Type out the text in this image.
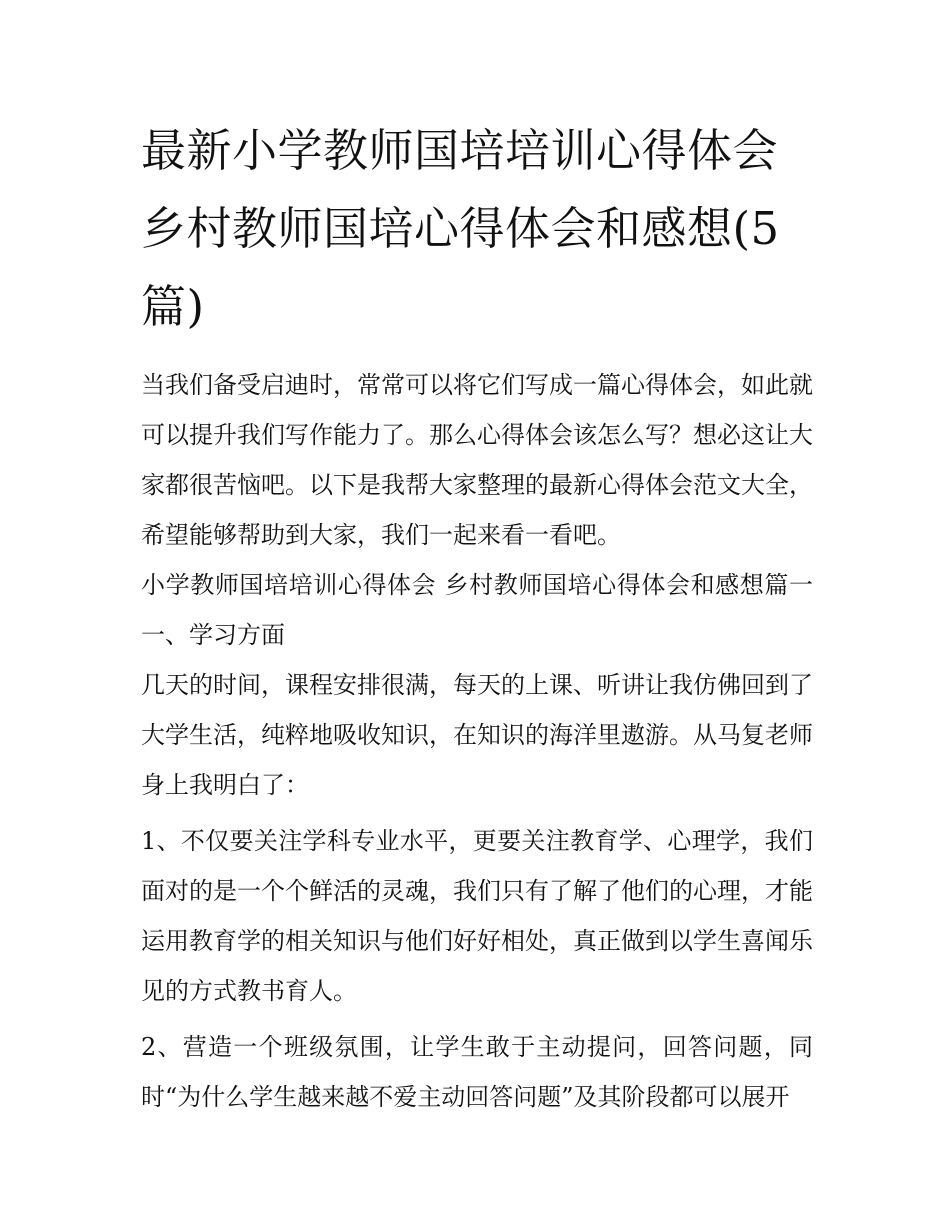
最新小学教师国培培训心得体会 乡村教师国培心得体会和感想(5篇)

当我们备受启迪时，常常可以将它们写成一篇心得体会，如此就可以提升我们写作能力了。那么心得体会该怎么写？想必这让大家都很苦恼吧。以下是我帮大家整理的最新心得体会范文大全，希望能够帮助到大家，我们一起来看一看吧。

小学教师国培培训心得体会 乡村教师国培心得体会和感想篇一一、学习方面

几天的时间，课程安排很满，每天的上课、听讲让我仿佛回到了大学生活，纯粹地吸收知识，在知识的海洋里遨游。从马复老师身上我明白了：

1、不仅要关注学科专业水平，更要关注教育学、心理学，我们面对的是一个个鲜活的灵魂，我们只有了解了他们的心理，才能运用教育学的相关知识与他们好好相处，真正做到以学生喜闻乐见的方式教书育人。

2、营造一个班级氛围，让学生敢于主动提问，回答问题，同时“为什么学生越来越不爱主动回答问题”及其阶段都可以展开
